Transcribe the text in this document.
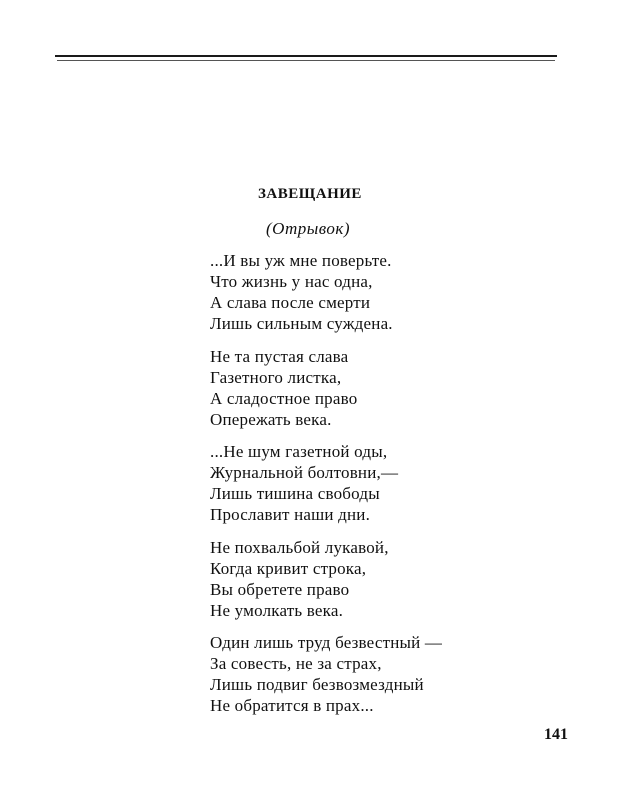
ЗАВЕЩАНИЕ
(Отрывок)
...И вы уж мне поверьте.
Что жизнь у нас одна,
А слава после смерти
Лишь сильным суждена.
Не та пустая слава
Газетного листка,
А сладостное право
Опережать века.
...Не шум газетной оды,
Журнальной болтовни,—
Лишь тишина свободы
Прославит наши дни.
Не похвальбой лукавой,
Когда кривит строка,
Вы обретете право
Не умолкать века.
Один лишь труд безвестный —
За совесть, не за страх,
Лишь подвиг безвозмездный
Не обратится в прах...
141
